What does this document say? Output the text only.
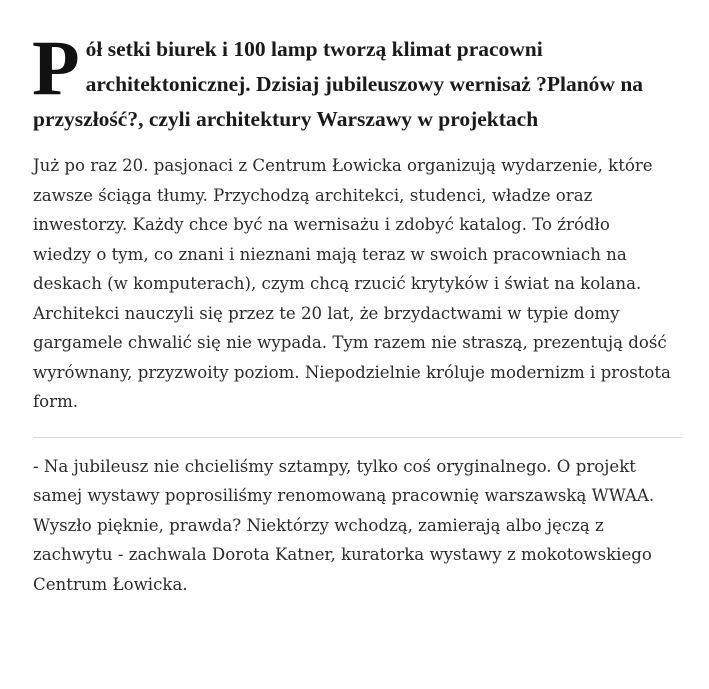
P ół setki biurek i 100 lamp tworzą klimat pracowni architektonicznej. Dzisiaj jubileuszowy wernisaż ?Planów na przyszłość?, czyli architektury Warszawy w projektach

Już po raz 20. pasjonaci z Centrum Łowicka organizują wydarzenie, które zawsze ściąga tłumy. Przychodzą architekci, studenci, władze oraz inwestorzy. Każdy chce być na wernisażu i zdobyć katalog. To źródło wiedzy o tym, co znani i nieznani mają teraz w swoich pracowniach na deskach (w komputerach), czym chcą rzucić krytyków i świat na kolana. Architekci nauczyli się przez te 20 lat, że brzydactwami w typie domy gargamele chwalić się nie wypada. Tym razem nie straszą, prezentują dość wyrównany, przyzwoity poziom. Niepodzielnie króluje modernizm i prostota form.

- Na jubileusz nie chcieliśmy sztampy, tylko coś oryginalnego. O projekt samej wystawy poprosiliśmy renomowaną pracownię warszawską WWAA. Wyszło pięknie, prawda? Niektórzy wchodzą, zamierają albo jęczą z zachwytu - zachwala Dorota Katner, kuratorka wystawy z mokotowskiego Centrum Łowicka.
